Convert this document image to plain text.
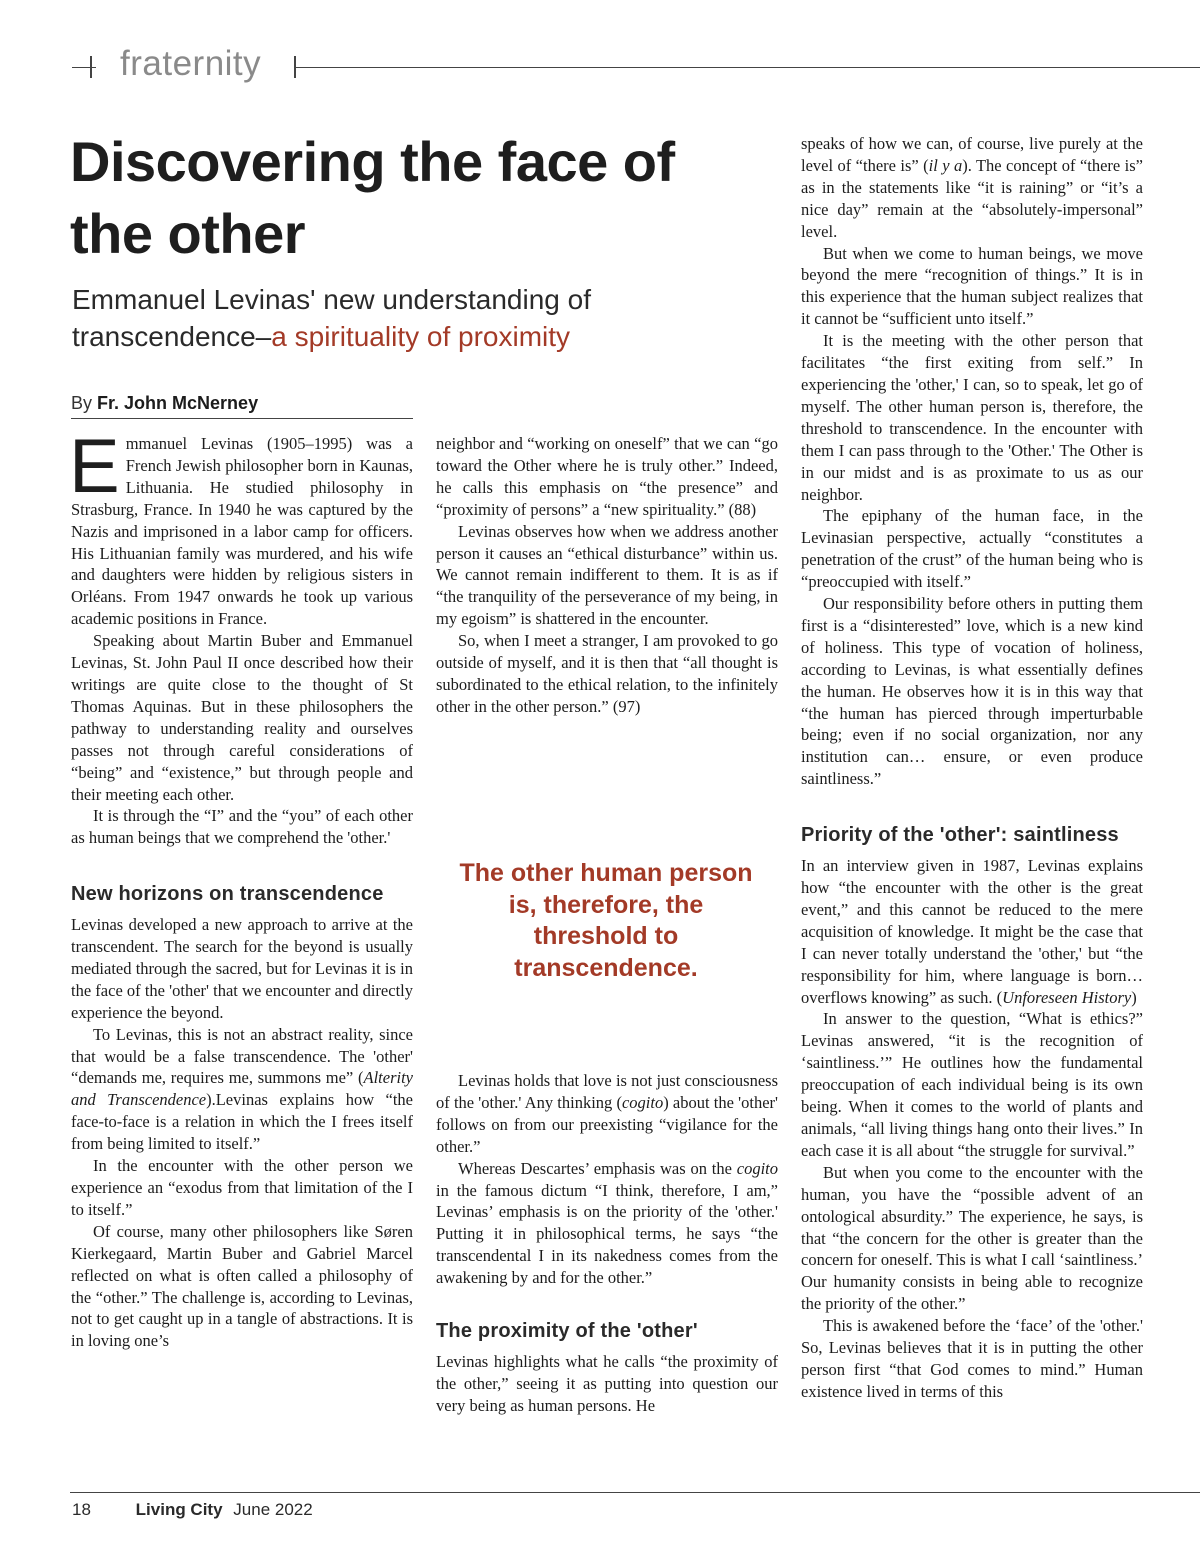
fraternity
Discovering the face of the other
Emmanuel Levinas' new understanding of transcendence–a spirituality of proximity
By Fr. John McNerney

Emmanuel Levinas (1905–1995) was a French Jewish philosopher born in Kaunas, Lithuania. He studied philosophy in Strasburg, France. In 1940 he was captured by the Nazis and imprisoned in a labor camp for officers. His Lithuanian family was murdered, and his wife and daughters were hidden by religious sisters in Orléans. From 1947 onwards he took up various academic positions in France.

Speaking about Martin Buber and Emmanuel Levinas, St. John Paul II once described how their writings are quite close to the thought of St Thomas Aquinas. But in these philosophers the pathway to understanding reality and ourselves passes not through careful considerations of “being” and “existence,” but through people and their meeting each other.

It is through the “I” and the “you” of each other as human beings that we comprehend the 'other.'

New horizons on transcendence

Levinas developed a new approach to arrive at the transcendent. The search for the beyond is usually mediated through the sacred, but for Levinas it is in the face of the 'other' that we encounter and directly experience the beyond.

To Levinas, this is not an abstract reality, since that would be a false transcendence. The 'other' “demands me, requires me, summons me” (Alterity and Transcendence).Levinas explains how “the face-to-face is a relation in which the I frees itself from being limited to itself.”

In the encounter with the other person we experience an “exodus from that limitation of the I to itself.”

Of course, many other philosophers like Søren Kierkegaard, Martin Buber and Gabriel Marcel reflected on what is often called a philosophy of the “other.” The challenge is, according to Levinas, not to get caught up in a tangle of abstractions. It is in loving one’s

neighbor and “working on oneself” that we can “go toward the Other where he is truly other.” Indeed, he calls this emphasis on “the presence” and “proximity of persons” a “new spirituality.” (88)

Levinas observes how when we address another person it causes an “ethical disturbance” within us. We cannot remain indifferent to them. It is as if “the tranquility of the perseverance of my being, in my egoism” is shattered in the encounter.

So, when I meet a stranger, I am provoked to go outside of myself, and it is then that “all thought is subordinated to the ethical relation, to the infinitely other in the other person.” (97)

The other human person is, therefore, the threshold to transcendence.

Levinas holds that love is not just consciousness of the 'other.' Any thinking (cogito) about the 'other' follows on from our preexisting “vigilance for the other.”

Whereas Descartes’ emphasis was on the cogito in the famous dictum “I think, therefore, I am,” Levinas’ emphasis is on the priority of the 'other.' Putting it in philosophical terms, he says “the transcendental I in its nakedness comes from the awakening by and for the other.”

The proximity of the 'other'

Levinas highlights what he calls “the proximity of the other,” seeing it as putting into question our very being as human persons. He

speaks of how we can, of course, live purely at the level of “there is” (il y a). The concept of “there is” as in the statements like “it is raining” or “it’s a nice day” remain at the “absolutely-impersonal” level.

But when we come to human beings, we move beyond the mere “recognition of things.” It is in this experience that the human subject realizes that it cannot be “sufficient unto itself.”

It is the meeting with the other person that facilitates “the first exiting from self.” In experiencing the 'other,' I can, so to speak, let go of myself. The other human person is, therefore, the threshold to transcendence. In the encounter with them I can pass through to the 'Other.' The Other is in our midst and is as proximate to us as our neighbor.

The epiphany of the human face, in the Levinasian perspective, actually “constitutes a penetration of the crust” of the human being who is “preoccupied with itself.”

Our responsibility before others in putting them first is a “disinterested” love, which is a new kind of holiness. This type of vocation of holiness, according to Levinas, is what essentially defines the human. He observes how it is in this way that “the human has pierced through imperturbable being; even if no social organization, nor any institution can… ensure, or even produce saintliness.”

Priority of the 'other': saintliness

In an interview given in 1987, Levinas explains how “the encounter with the other is the great event,” and this cannot be reduced to the mere acquisition of knowledge. It might be the case that I can never totally understand the 'other,' but “the responsibility for him, where language is born… overflows knowing” as such. (Unforeseen History)

In answer to the question, “What is ethics?” Levinas answered, “it is the recognition of ‘saintliness.’” He outlines how the fundamental preoccupation of each individual being is its own being. When it comes to the world of plants and animals, “all living things hang onto their lives.” In each case it is all about “the struggle for survival.”

But when you come to the encounter with the human, you have the “possible advent of an ontological absurdity.” The experience, he says, is that “the concern for the other is greater than the concern for oneself. This is what I call ‘saintliness.’ Our humanity consists in being able to recognize the priority of the other.”

This is awakened before the ‘face’ of the 'other.' So, Levinas believes that it is in putting the other person first “that God comes to mind.” Human existence lived in terms of this

18	Living City June 2022
